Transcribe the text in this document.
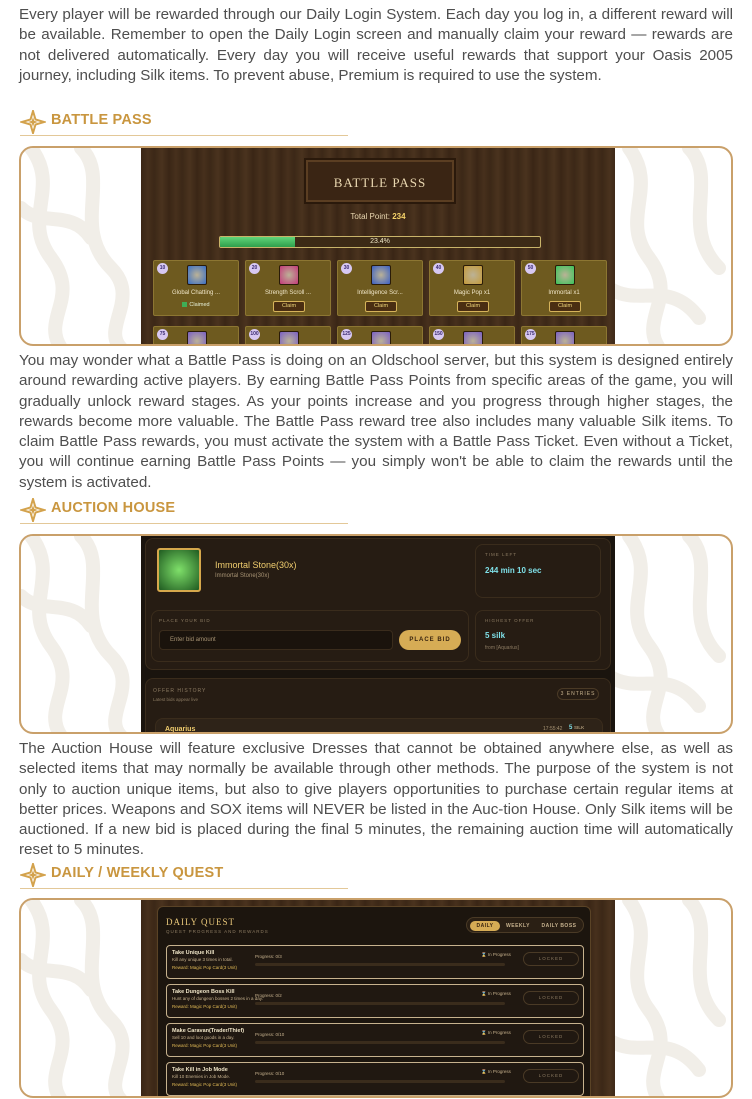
Every player will be rewarded through our Daily Login System. Each day you log in, a different reward will be available. Remember to open the Daily Login screen and manually claim your reward — rewards are not delivered automatically. Every day you will receive useful rewards that support your Oasis 2005 journey, including Silk items. To prevent abuse, Premium is required to use the system.
BATTLE PASS
BATTLE PASS
Total Point: 234
23.4%
10
Global Chatting ...
Claimed
20
Strength Scroll ...
Claim
30
Intelligence Scr...
Claim
40
Magic Pop x1
Claim
50
Immortal x1
Claim
75	100	125	150	175
You may wonder what a Battle Pass is doing on an Oldschool server, but this system is designed entirely around rewarding active players. By earning Battle Pass Points from specific areas of the game, you will gradually unlock reward stages. As your points increase and you progress through higher stages, the rewards become more valuable. The Battle Pass reward tree also includes many valuable Silk items. To claim Battle Pass rewards, you must activate the system with a Battle Pass Ticket. Even without a Ticket, you will continue earning Battle Pass Points — you simply won't be able to claim the rewards until the system is activated.
AUCTION HOUSE
Immortal Stone(30x)
Immortal Stone(30x)
TIME LEFT
244 min 10 sec
PLACE YOUR BID
Enter bid amount	PLACE BID
HIGHEST OFFER
5 silk
from [Aquarius]
OFFER HISTORY
Latest bids appear live
3 ENTRIES
Aquarius	17:55:42 5 SILK
The Auction House will feature exclusive Dresses that cannot be obtained anywhere else, as well as selected items that may normally be available through other methods. The purpose of the system is not only to auction unique items, but also to give players opportunities to purchase certain regular items at better prices. Weapons and SOX items will NEVER be listed in the Auc-tion House. Only Silk items will be auctioned. If a new bid is placed during the final 5 minutes, the remaining auction time will automatically reset to 5 minutes.
DAILY / WEEKLY QUEST
DAILY QUEST
QUEST PROGRESS AND REWARDS
DAILY	WEEKLY	DAILY BOSS
Take Unique Kill
Kill any unique 3 times in total.
Reward: Magic Pop Card(3 Unit)
Progress: 0/3	⌛ In Progress
LOCKED
Take Dungeon Boss Kill
Hunt any of dungeon bosses 2 times in a day.
Reward: Magic Pop Card(3 Unit)
Progress: 0/2	⌛ In Progress
LOCKED
Make Caravan(Trader/Thief)
Sell 10 and loot goods in a day.
Reward: Magic Pop Card(3 Unit)
Progress: 0/10	⌛ In Progress
LOCKED
Take Kill in Job Mode
Kill 10 Enemies in Job Mode.
Reward: Magic Pop Card(3 Unit)
Progress: 0/10	⌛ In Progress
LOCKED
